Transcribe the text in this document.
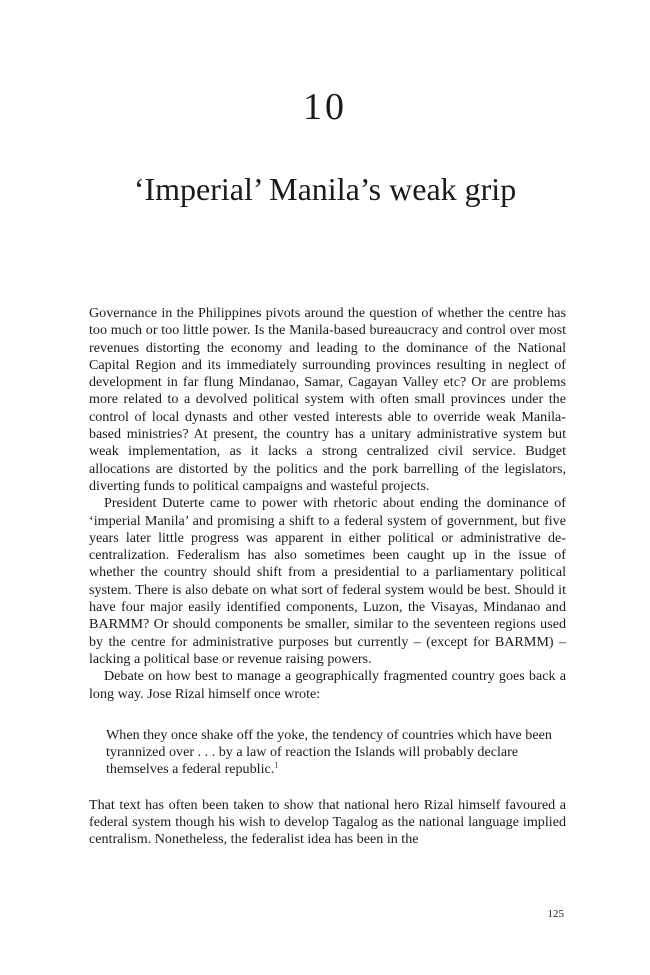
10
‘Imperial’ Manila’s weak grip

Governance in the Philippines pivots around the question of whether the centre has too much or too little power. Is the Manila-based bureaucracy and control over most revenues distorting the economy and leading to the dominance of the National Capital Region and its immediately surrounding provinces resulting in neglect of development in far flung Mindanao, Samar, Cagayan Valley etc? Or are problems more related to a devolved political system with often small provinces under the control of local dynasts and other vested interests able to override weak Manila-based ministries? At present, the country has a unitary administrative system but weak implementation, as it lacks a strong centralized civil service. Budget allocations are distorted by the politics and the pork barrelling of the legislators, diverting funds to political campaigns and wasteful projects.

President Duterte came to power with rhetoric about ending the dominance of ‘imperial Manila’ and promising a shift to a federal system of government, but five years later little progress was apparent in either political or administrative de-centralization. Federalism has also sometimes been caught up in the issue of whether the country should shift from a presidential to a parliamentary political system. There is also debate on what sort of federal system would be best. Should it have four major easily identified components, Luzon, the Visayas, Mindanao and BARMM? Or should components be smaller, similar to the seventeen regions used by the centre for administrative purposes but currently – (except for BARMM) – lacking a political base or revenue raising powers.

Debate on how best to manage a geographically fragmented country goes back a long way. Jose Rizal himself once wrote:

When they once shake off the yoke, the tendency of countries which have been tyrannized over . . . by a law of reaction the Islands will probably declare themselves a federal republic.$^1$

That text has often been taken to show that national hero Rizal himself favoured a federal system though his wish to develop Tagalog as the national language implied centralism. Nonetheless, the federalist idea has been in the

125
